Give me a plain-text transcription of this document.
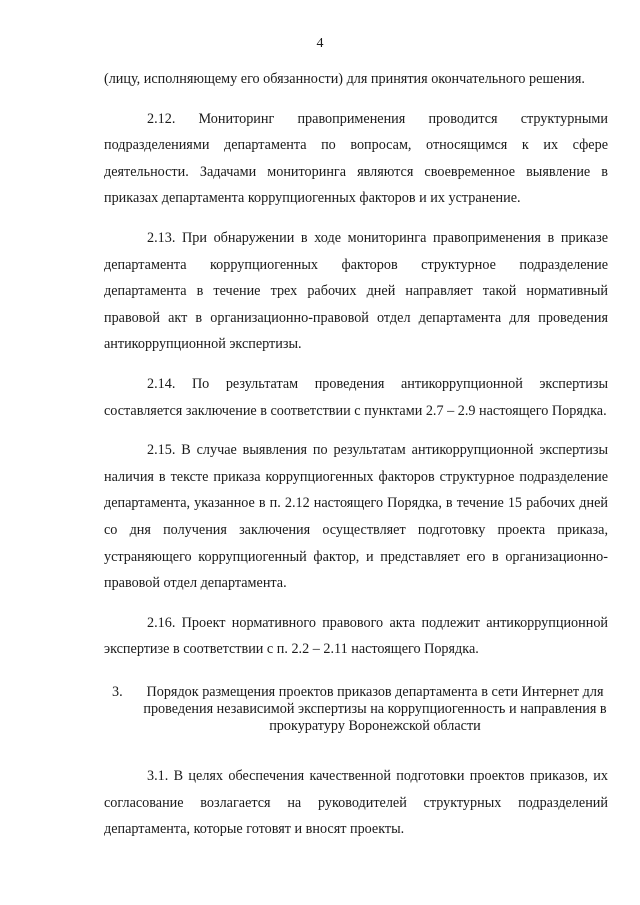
4

(лицу, исполняющему его обязанности) для принятия окончательного решения.

2.12. Мониторинг правоприменения проводится структурными подразделениями департамента по вопросам, относящимся к их сфере деятельности. Задачами мониторинга являются своевременное выявление в приказах департамента коррупциогенных факторов и их устранение.

2.13. При обнаружении в ходе мониторинга правоприменения в приказе департамента коррупциогенных факторов структурное подразделение департамента в течение трех рабочих дней направляет такой нормативный правовой акт в организационно-правовой отдел департамента для проведения антикоррупционной экспертизы.

2.14. По результатам проведения антикоррупционной экспертизы составляется заключение в соответствии с пунктами 2.7 – 2.9 настоящего Порядка.

2.15. В случае выявления по результатам антикоррупционной экспертизы наличия в тексте приказа коррупциогенных факторов структурное подразделение департамента, указанное в п. 2.12 настоящего Порядка, в течение 15 рабочих дней со дня получения заключения осуществляет подготовку проекта приказа, устраняющего коррупциогенный фактор, и представляет его в организационно-правовой отдел департамента.

2.16. Проект нормативного правового акта подлежит антикоррупционной экспертизе в соответствии с п. 2.2 – 2.11 настоящего Порядка.

3.	Порядок размещения проектов приказов департамента в сети Интернет для проведения независимой экспертизы на коррупциогенность и направления в прокуратуру Воронежской области

3.1. В целях обеспечения качественной подготовки проектов приказов, их согласование возлагается на руководителей структурных подразделений департамента, которые готовят и вносят проекты.
